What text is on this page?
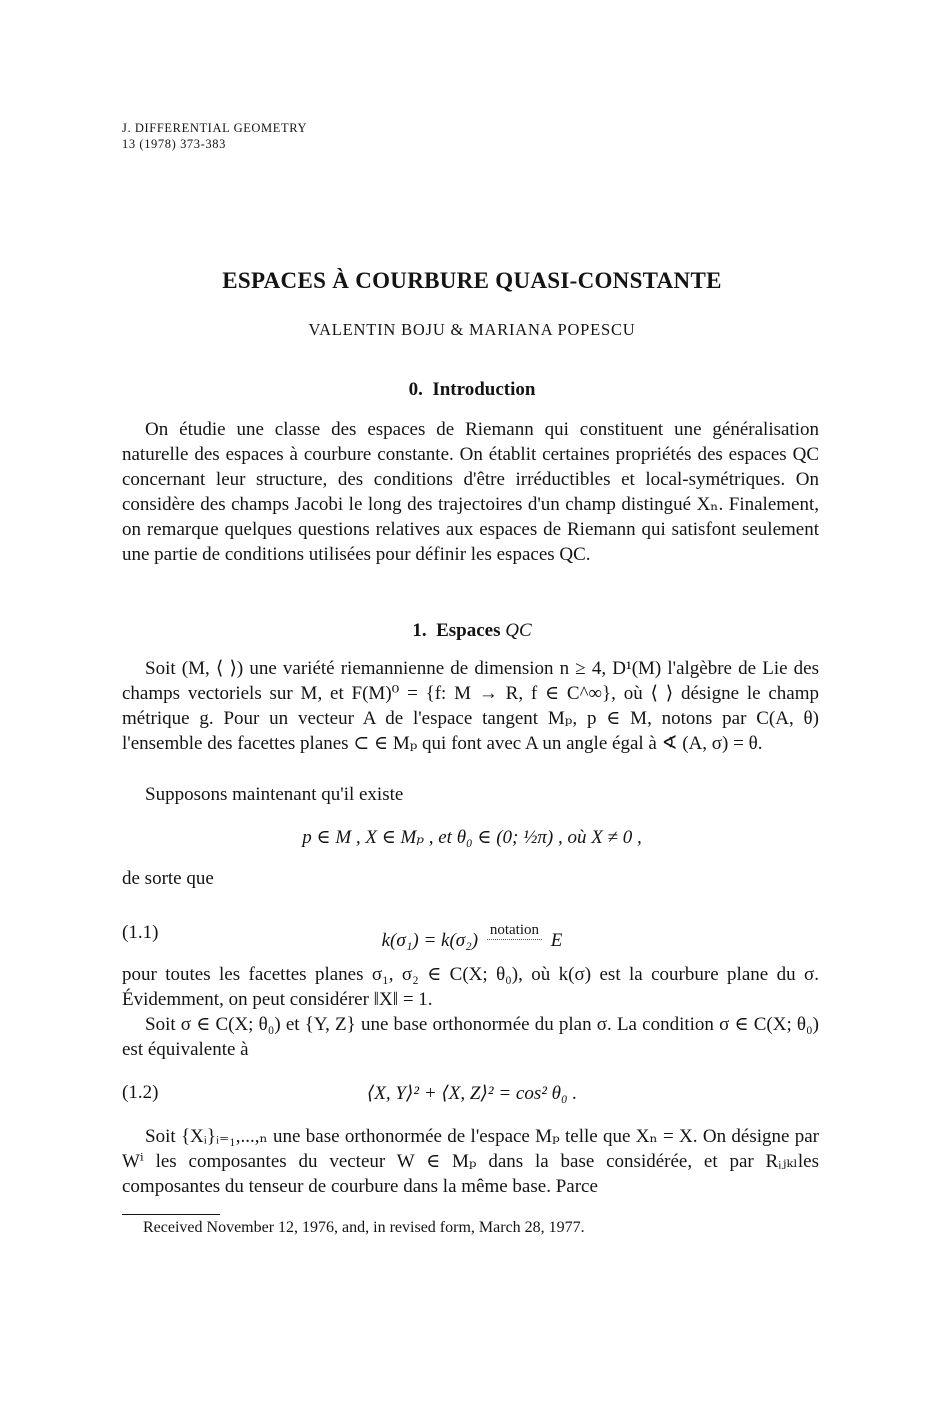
J. DIFFERENTIAL GEOMETRY
13 (1978) 373-383
ESPACES À COURBURE QUASI-CONSTANTE
VALENTIN BOJU & MARIANA POPESCU
0. Introduction

On étudie une classe des espaces de Riemann qui constituent une généralisation naturelle des espaces à courbure constante. On établit certaines propriétés des espaces QC concernant leur structure, des conditions d'être irréductibles et local-symétriques. On considère des champs Jacobi le long des trajectoires d'un champ distingué Xₙ. Finalement, on remarque quelques questions relatives aux espaces de Riemann qui satisfont seulement une partie de conditions utilisées pour définir les espaces QC.

1. Espaces QC

Soit (M, ⟨ ⟩) une variété riemannienne de dimension n ≥ 4, D¹(M) l'algèbre de Lie des champs vectoriels sur M, et F(M)⁰ = {f: M → R, f ∈ C^∞}, où ⟨ ⟩ désigne le champ métrique g. Pour un vecteur A de l'espace tangent Mₚ, p ∈ M, notons par C(A, θ) l'ensemble des facettes planes ⊂ ∈ Mₚ qui font avec A un angle égal à ∢ (A, σ) = θ.

Supposons maintenant qu'il existe

p ∈ M , X ∈ Mₚ , et θ₀ ∈ (0; ½π) , où X ≠ 0 ,
de sorte que
(1.1)	k(σ₁) = k(σ₂) notation E

pour toutes les facettes planes σ₁, σ₂ ∈ C(X; θ₀), où k(σ) est la courbure plane du σ. Évidemment, on peut considérer ‖X‖ = 1.

Soit σ ∈ C(X; θ₀) et {Y, Z} une base orthonormée du plan σ. La condition σ ∈ C(X; θ₀) est équivalente à

(1.2)	⟨X, Y⟩² + ⟨X, Z⟩² = cos² θ₀ .

Soit {Xᵢ}ᵢ₌₁,...,ₙ une base orthonormée de l'espace Mₚ telle que Xₙ = X. On désigne par Wⁱ les composantes du vecteur W ∈ Mₚ dans la base considérée, et par Rᵢⱼₖₗles composantes du tenseur de courbure dans la même base. Parce

Received November 12, 1976, and, in revised form, March 28, 1977.
